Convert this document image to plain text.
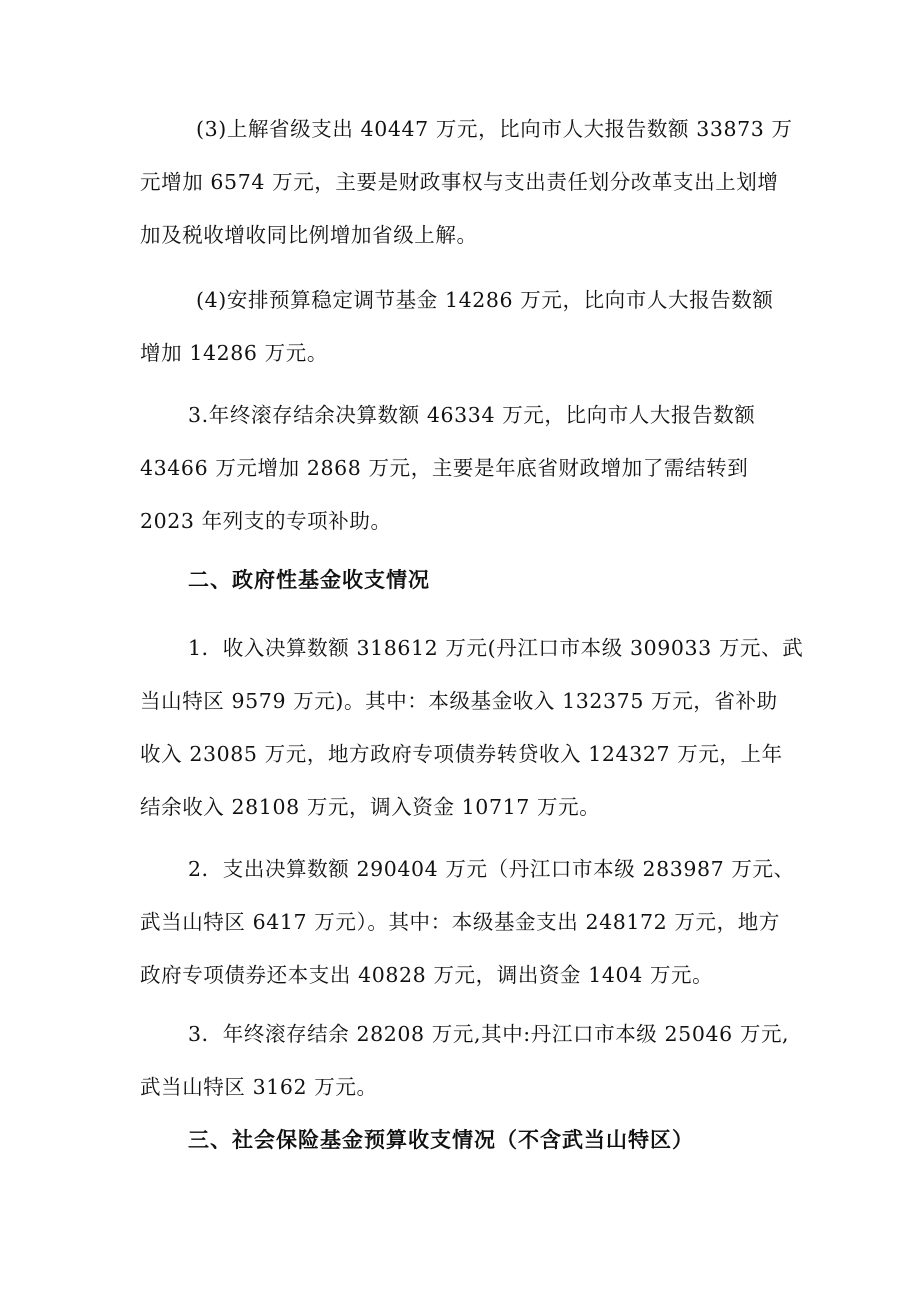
(3)上解省级支出 40447 万元，比向市人大报告数额 33873 万
元增加 6574 万元，主要是财政事权与支出责任划分改革支出上划增
加及税收增收同比例增加省级上解。

(4)安排预算稳定调节基金 14286 万元，比向市人大报告数额
增加 14286 万元。

3.年终滚存结余决算数额 46334 万元，比向市人大报告数额
43466 万元增加 2868 万元，主要是年底省财政增加了需结转到
2023 年列支的专项补助。

二、政府性基金收支情况

1．收入决算数额 318612 万元(丹江口市本级 309033 万元、武
当山特区 9579 万元)。其中：本级基金收入 132375 万元，省补助
收入 23085 万元，地方政府专项债券转贷收入 124327 万元，上年
结余收入 28108 万元，调入资金 10717 万元。

2．支出决算数额 290404 万元（丹江口市本级 283987 万元、
武当山特区 6417 万元）。其中：本级基金支出 248172 万元，地方
政府专项债券还本支出 40828 万元，调出资金 1404 万元。

3．年终滚存结余 28208 万元,其中:丹江口市本级 25046 万元,
武当山特区 3162 万元。

三、社会保险基金预算收支情况（不含武当山特区）
